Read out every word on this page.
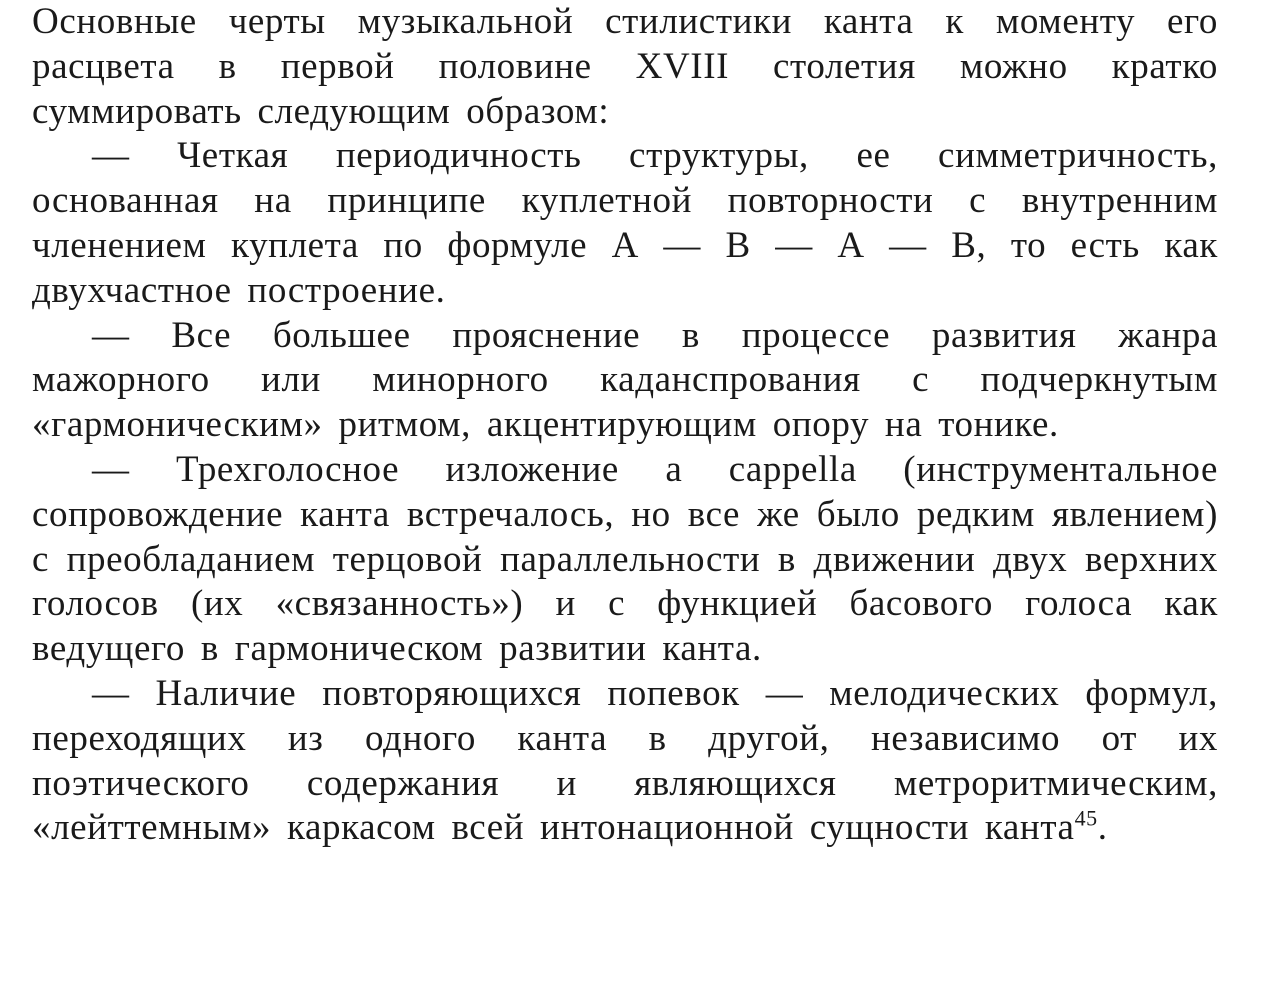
Основные черты музыкальной стилистики канта к моменту его расцвета в первой половине XVIII столетия можно кратко суммировать следующим образом:

— Четкая периодичность структуры, ее симметричность, основанная на принципе куплетной повторности с внутренним членением куплета по формуле А — В — А — В, то есть как двухчастное построение.

— Все большее прояснение в процессе развития жанра мажорного или минорного каданспрования с подчеркнутым «гармоническим» ритмом, акцентирующим опору на тонике.

— Трехголосное изложение a cappella (инструментальное сопровождение канта встречалось, но все же было редким явлением) с преобладанием терцовой параллельности в движении двух верхних голосов (их «связанность») и с функцией басового голоса как ведущего в гармоническом развитии канта.

— Наличие повторяющихся попевок — мелодических формул, переходящих из одного канта в другой, независимо от их поэтического содержания и являющихся метроритмическим, «лейттемным» каркасом всей интонационной сущности канта$^{45}$.
